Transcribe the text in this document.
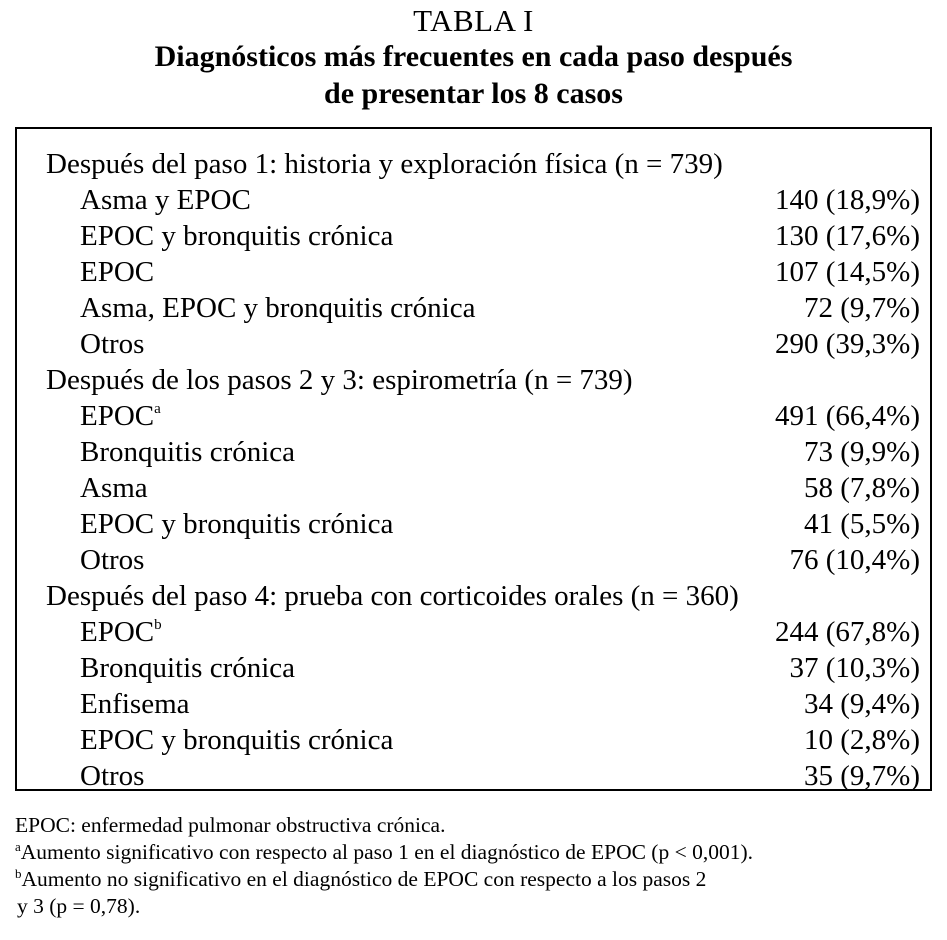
TABLA I
Diagnósticos más frecuentes en cada paso después
de presentar los 8 casos
Después del paso 1: historia y exploración física (n = 739)
Asma y EPOC	140 (18,9%)
EPOC y bronquitis crónica	130 (17,6%)
EPOC	107 (14,5%)
Asma, EPOC y bronquitis crónica	72 (9,7%)
Otros	290 (39,3%)
Después de los pasos 2 y 3: espirometría (n = 739)
EPOC$^a$	491 (66,4%)
Bronquitis crónica	73 (9,9%)
Asma	58 (7,8%)
EPOC y bronquitis crónica	41 (5,5%)
Otros	76 (10,4%)
Después del paso 4: prueba con corticoides orales (n = 360)
EPOC$^b$	244 (67,8%)
Bronquitis crónica	37 (10,3%)
Enfisema	34 (9,4%)
EPOC y bronquitis crónica	10 (2,8%)
Otros	35 (9,7%)
EPOC: enfermedad pulmonar obstructiva crónica.
$^a$Aumento significativo con respecto al paso 1 en el diagnóstico de EPOC (p < 0,001).
$^b$Aumento no significativo en el diagnóstico de EPOC con respecto a los pasos 2
y 3 (p = 0,78).
